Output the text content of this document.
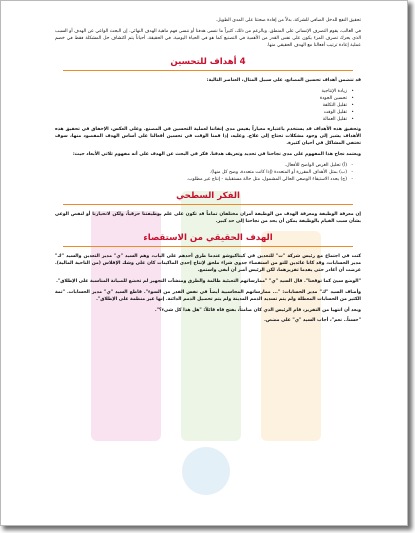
تحقيق النفع للدخل الصافي للشركة، بدلاً من إفادة صحتنا على المدى الطويل.

في الغالب، يقوم التصرف الإنساني على المنطق. وبالرغم من ذلك، كثيراً ما ننسى هدفنا أو ننسى فهم ماهية الهدف النهائي. إن البحث الواعي عن الهدف أو السبب الذي يحرك تصرف المرء يكون على نفس القدر من الأهمية في التصنيع كما هو في الحياة اليومية. في الحقيقة، أحياناً يتم اكتشاف حل المشكلة فقط في خضم عملية إعادة ترتيب أفعالنا مع الهدف الحقيقي منها.

4 أهداف للتحسين

قد تتضمن أهداف تحسين المصانع، على سبيل المثال، العناصر التالية:

• زيادة الإنتاجية
• تحسين الجودة
• تقليل التكلفة
• تقليل الوقت
• تقليل العمالة

وتحقيق هذه الأهداف قد يستخدم باعتباره معياراً يقيس مدى إتقاننا لعملية التحسين في المصنع. وعلى العكس، الإخفاق في تحقيق هذه الأهداف يشير إلى وجود مشكلات تحتاج إلى علاج. وعليه، إذا قمنا الوقت في تحسين أفعالنا على أساس الهدف المقصود منها، سوف تختفي المشاكل في أحيان كثيرة.

ويعتمد نجاح هذا المفهوم على مدى نجاحنا في تحديد وتعريف هدفنا. فكر في البحث عن الهدف على أنه مفهوم ثلاثي الأبعاد حيث:

- (أ) تحليل الغرض الواضح للأفعال.
- (ب) بمثل الأهداف المقررة أو المتعددة (إذا كانت متعددة، وضح كل منها).
- (ج) يحدد الاستيفاء الوضعي الحالي المشمول، مثل حالة مستقبلية - إنتاج غير مطلوب.
الفكر السطحي

إن معرفة الوظيفة ومعرفة الهدف من الوظيفة أمران مختلفان تماماً قد تكون على علم بوظيفتنا حرفياً، ولكن لانحيازنا أو لنقص الوعي بشأن سبب القيام بالوظيفة يمكن أن يحد من نجاحنا إلى حد كبير.

الهدف الحقيقي من الاستقصاء

كنت في اجتماع مع رئيس شركة "ت" للتعدين في كيتاكيوشو عندما طرق أحدهم على الباب، وهم السيد "ي" مدير التعدين والسيد "ك" مدير الحسابات، وقد كانا عائدين للتو من استقصاء جدوى شراء ملحق لإنتاج إحدى الماكينات كان على وشك الإفلاس (من الناحية المالية). عرضت أن أغادر حتى يقدما تقريرهما، لكن الرئيس أصر أن أبقى واستمع.

"الوضع سيئ كما توقعنا". قال السيد "ي" "ممارساتهم التعبئية ظالمة والطرق ومنشآت التجهيز لم تخضع للصيانة المناسبة على الإطلاق".

وأضاف السيد "ك" مدير الحسابات: "... ممارساتهم المحاسبية أيضاً في نفس القدر من السوء". قاطع السيد "ي" مدير الحسابات. "ثمة الكثير من الحسابات المعطلة ولم يتم تسديد الذمم المدينة ولم يتم تحصيل الذمم الدائنة. إنها غير منظمة على الإطلاق".

وبعد أن انتهيا من التقرير، قام الرئيس الذي كان صامتاً، بفتح فاه قائلاً: "هل هذا كل شيء؟".

"حسناً.. نعم"، أجاب السيد "ي" على مضض.
